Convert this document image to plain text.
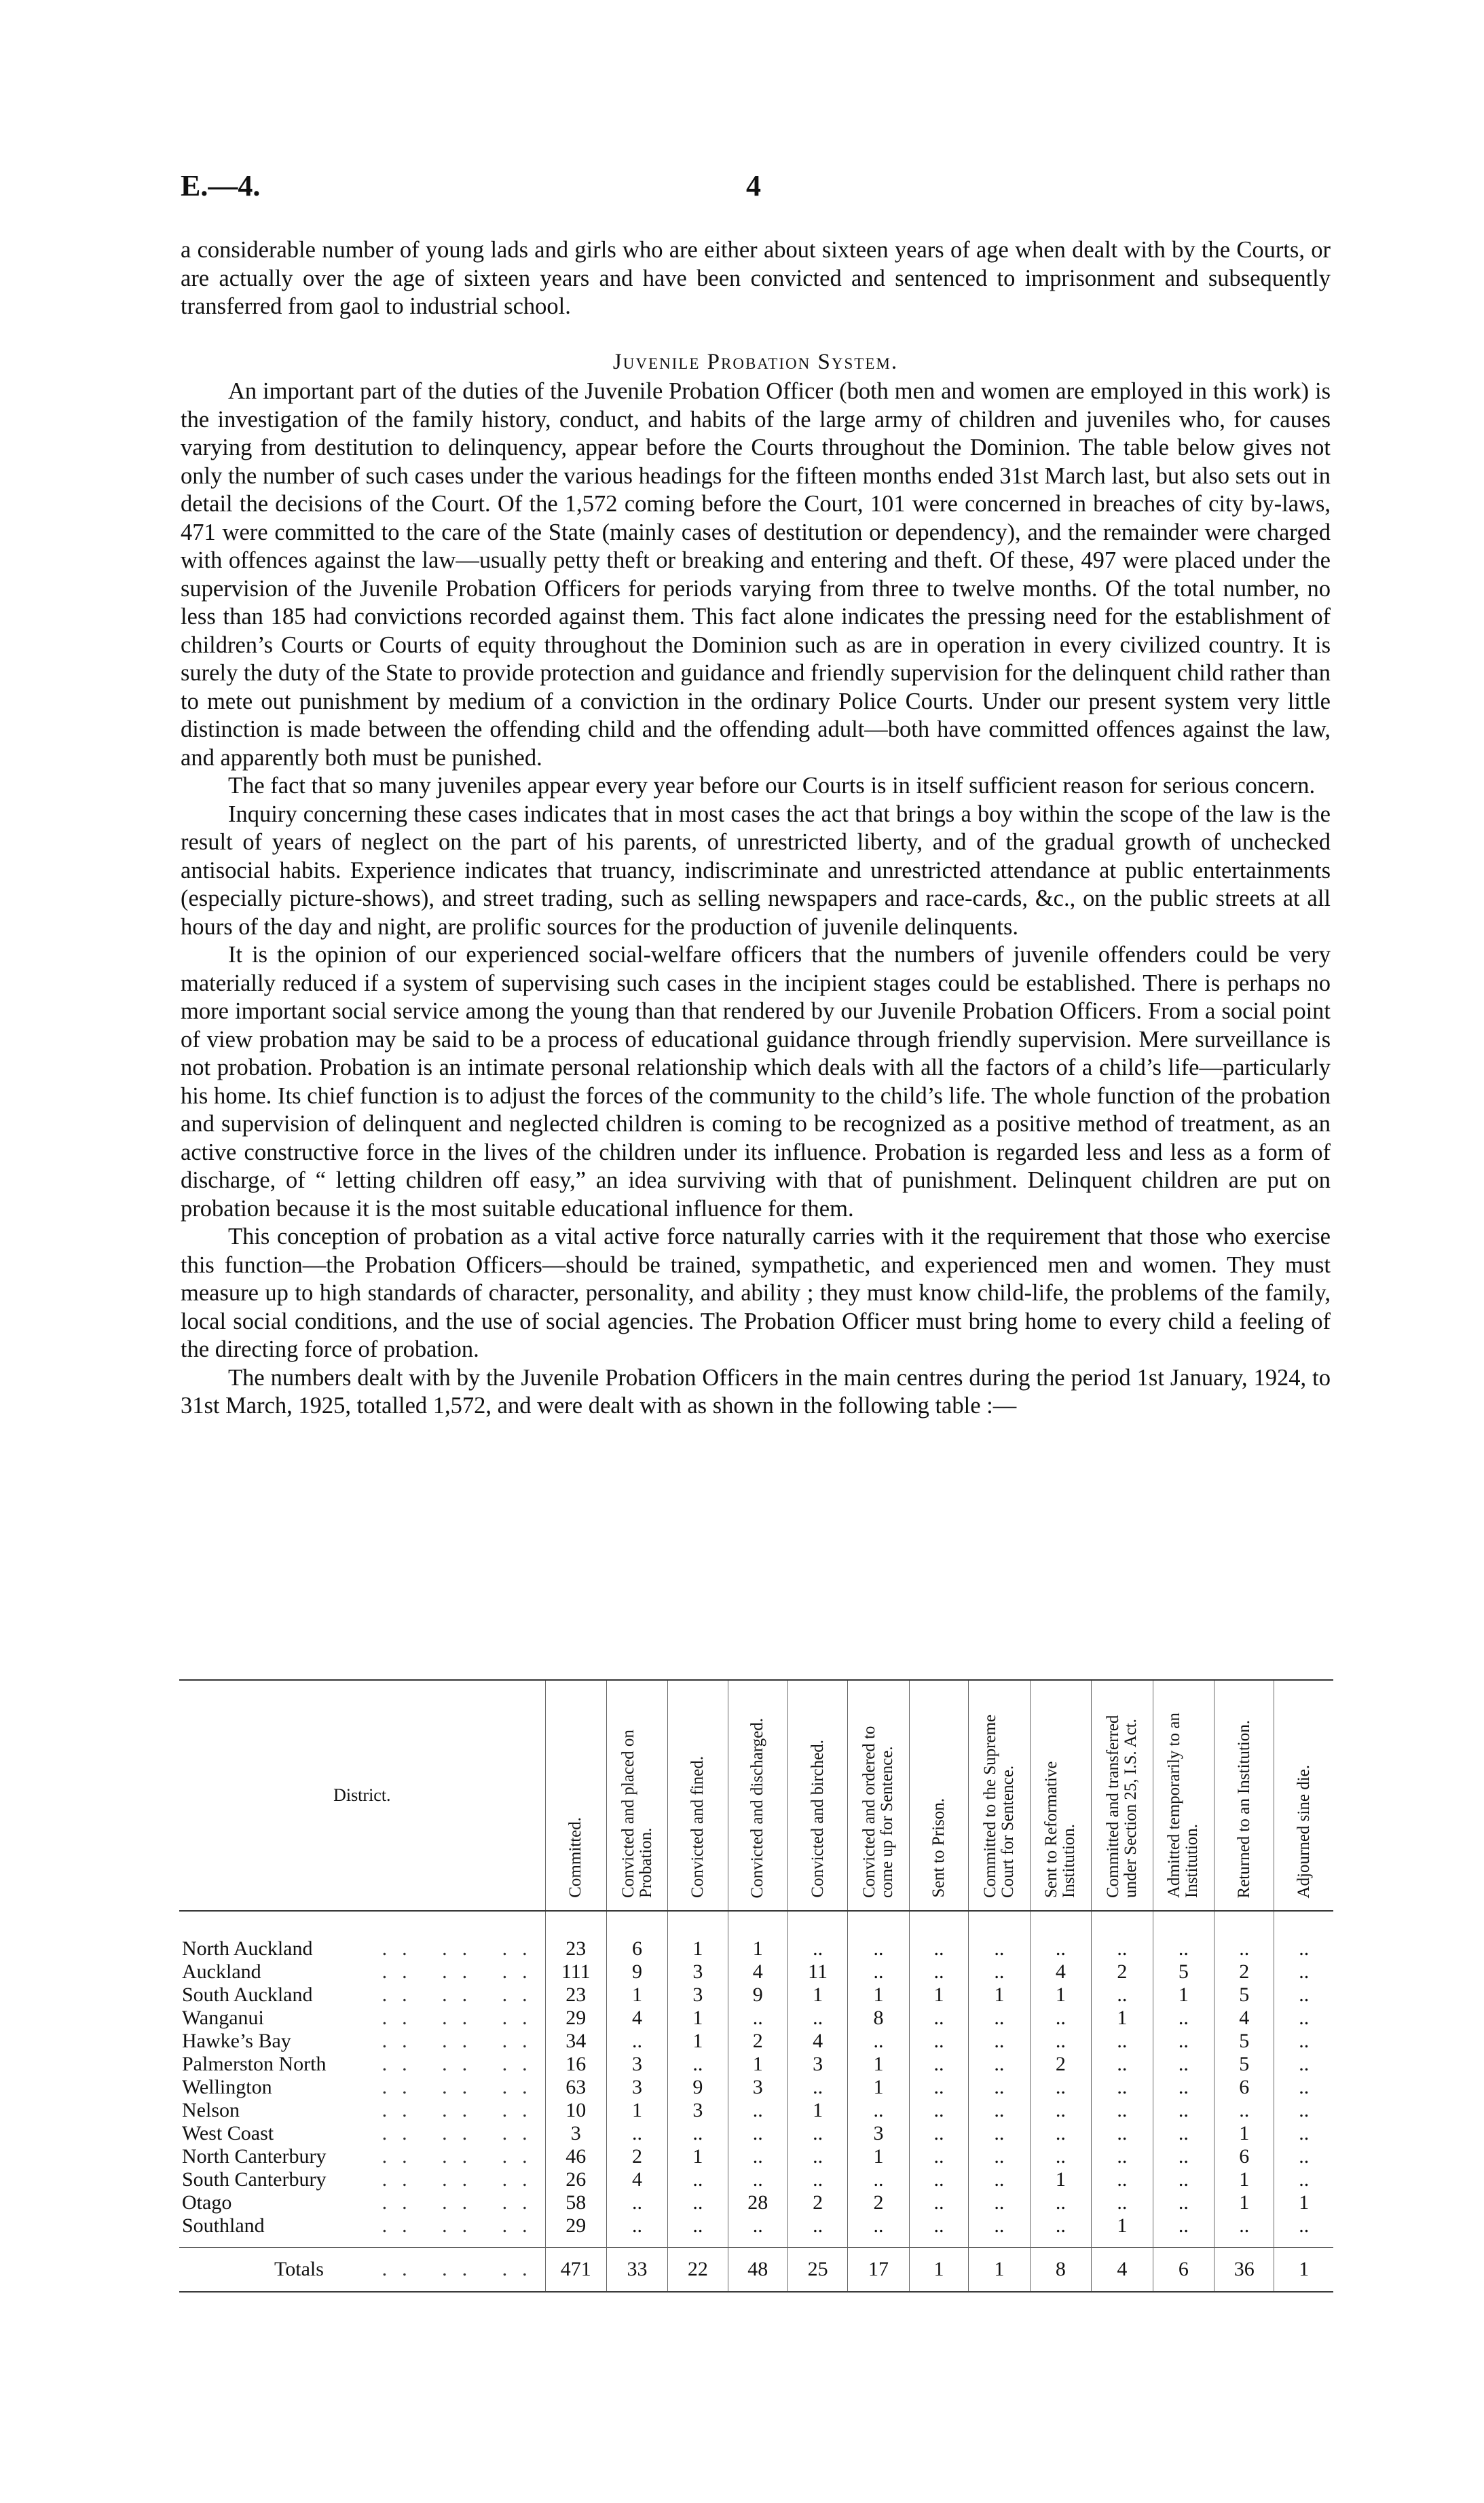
E.—4.	4

a considerable number of young lads and girls who are either about sixteen years of age when dealt with by the Courts, or are actually over the age of sixteen years and have been convicted and sentenced to imprisonment and subsequently transferred from gaol to industrial school.

Juvenile Probation System.

An important part of the duties of the Juvenile Probation Officer (both men and women are employed in this work) is the investigation of the family history, conduct, and habits of the large army of children and juveniles who, for causes varying from destitution to delinquency, appear before the Courts throughout the Dominion. The table below gives not only the number of such cases under the various headings for the fifteen months ended 31st March last, but also sets out in detail the decisions of the Court. Of the 1,572 coming before the Court, 101 were concerned in breaches of city by-laws, 471 were committed to the care of the State (mainly cases of destitution or dependency), and the remainder were charged with offences against the law—usually petty theft or breaking and entering and theft. Of these, 497 were placed under the supervision of the Juvenile Probation Officers for periods varying from three to twelve months. Of the total number, no less than 185 had convictions recorded against them. This fact alone indicates the pressing need for the establishment of children’s Courts or Courts of equity throughout the Dominion such as are in operation in every civilized country. It is surely the duty of the State to provide protection and guidance and friendly supervision for the delinquent child rather than to mete out punishment by medium of a conviction in the ordinary Police Courts. Under our present system very little distinction is made between the offending child and the offending adult—both have committed offences against the law, and apparently both must be punished.

The fact that so many juveniles appear every year before our Courts is in itself sufficient reason for serious concern.

Inquiry concerning these cases indicates that in most cases the act that brings a boy within the scope of the law is the result of years of neglect on the part of his parents, of unrestricted liberty, and of the gradual growth of unchecked antisocial habits. Experience indicates that truancy, indiscriminate and unrestricted attendance at public entertainments (especially picture-shows), and street trading, such as selling newspapers and race-cards, &c., on the public streets at all hours of the day and night, are prolific sources for the production of juvenile delinquents.

It is the opinion of our experienced social-welfare officers that the numbers of juvenile offenders could be very materially reduced if a system of supervising such cases in the incipient stages could be established. There is perhaps no more important social service among the young than that rendered by our Juvenile Probation Officers. From a social point of view probation may be said to be a process of educational guidance through friendly supervision. Mere surveillance is not probation. Probation is an intimate personal relationship which deals with all the factors of a child’s life—particularly his home. Its chief function is to adjust the forces of the community to the child’s life. The whole function of the probation and supervision of delinquent and neglected children is coming to be recognized as a positive method of treatment, as an active constructive force in the lives of the children under its influence. Probation is regarded less and less as a form of discharge, of “ letting children off easy,” an idea surviving with that of punishment. Delinquent children are put on probation because it is the most suitable educational influence for them.

This conception of probation as a vital active force naturally carries with it the requirement that those who exercise this function—the Probation Officers—should be trained, sympathetic, and experienced men and women. They must measure up to high standards of character, personality, and ability ; they must know child-life, the problems of the family, local social conditions, and the use of social agencies. The Probation Officer must bring home to every child a feeling of the directing force of probation.

The numbers dealt with by the Juvenile Probation Officers in the main centres during the period 1st January, 1924, to 31st March, 1925, totalled 1,572, and were dealt with as shown in the following table :—

District.	Committed.	Convicted and placed on Probation.	Convicted and fined.	Convicted and discharged.	Convicted and birched.	Convicted and ordered to come up for Sentence.	Sent to Prison.	Committed to the Supreme Court for Sentence.	Sent to Reformative Institution.	Committed and transferred under Section 25, I.S. Act.	Admitted temporarily to an Institution.	Returned to an Institution.	Adjourned sine die.
North Auckland .. .. ..	23	6	1	1	..	..	..	..	..	..	..	..	..
Auckland .. .. ..	111	9	3	4	11	..	..	..	4	2	5	2	..
South Auckland .. .. ..	23	1	3	9	1	1	1	1	1	..	1	5	..
Wanganui .. .. ..	29	4	1	..	..	8	..	..	..	1	..	4	..
Hawke’s Bay .. .. ..	34	..	1	2	4	..	..	..	..	..	..	5	..
Palmerston North .. .. ..	16	3	..	1	3	1	..	..	2	..	..	5	..
Wellington .. .. ..	63	3	9	3	..	1	..	..	..	..	..	6	..
Nelson .. .. ..	10	1	3	..	1	..	..	..	..	..	..	..	..
West Coast .. .. ..	3	..	..	..	..	3	..	..	..	..	..	1	..
North Canterbury .. .. ..	46	2	1	..	..	1	..	..	..	..	..	6	..
South Canterbury .. .. ..	26	4	..	..	..	..	..	..	1	..	..	1	..
Otago .. .. ..	58	..	..	28	2	2	..	..	..	..	..	1	1
Southland .. .. ..	29	..	..	..	..	..	..	..	..	1	..	..	..
Totals .. .. ..	471	33	22	48	25	17	1	1	8	4	6	36	1
